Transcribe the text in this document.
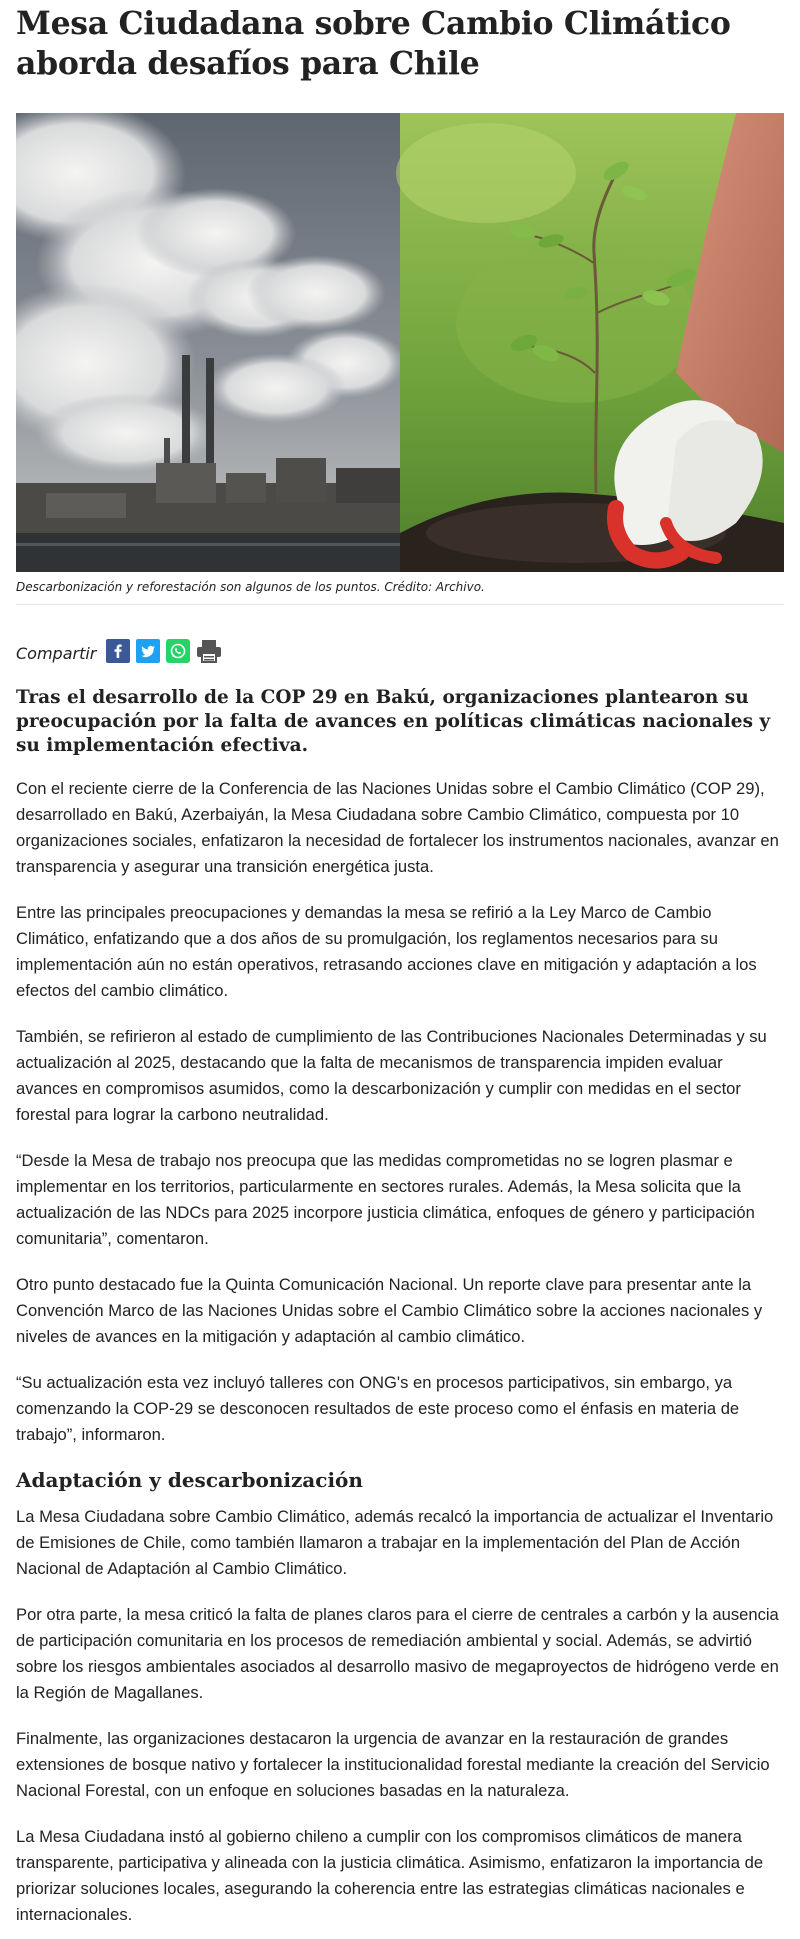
Mesa Ciudadana sobre Cambio Climático aborda desafíos para Chile

Descarbonización y reforestación son algunos de los puntos. Crédito: Archivo.

Compartir

Tras el desarrollo de la COP 29 en Bakú, organizaciones plantearon su preocupación por la falta de avances en políticas climáticas nacionales y su implementación efectiva.

Con el reciente cierre de la Conferencia de las Naciones Unidas sobre el Cambio Climático (COP 29), desarrollado en Bakú, Azerbaiyán, la Mesa Ciudadana sobre Cambio Climático, compuesta por 10 organizaciones sociales, enfatizaron la necesidad de fortalecer los instrumentos nacionales, avanzar en transparencia y asegurar una transición energética justa.

Entre las principales preocupaciones y demandas la mesa se refirió a la Ley Marco de Cambio Climático, enfatizando que a dos años de su promulgación, los reglamentos necesarios para su implementación aún no están operativos, retrasando acciones clave en mitigación y adaptación a los efectos del cambio climático.

También, se refirieron al estado de cumplimiento de las Contribuciones Nacionales Determinadas y su actualización al 2025, destacando que la falta de mecanismos de transparencia impiden evaluar avances en compromisos asumidos, como la descarbonización y cumplir con medidas en el sector forestal para lograr la carbono neutralidad.

“Desde la Mesa de trabajo nos preocupa que las medidas comprometidas no se logren plasmar e implementar en los territorios, particularmente en sectores rurales. Además, la Mesa solicita que la actualización de las NDCs para 2025 incorpore justicia climática, enfoques de género y participación comunitaria”, comentaron.

Otro punto destacado fue la Quinta Comunicación Nacional. Un reporte clave para presentar ante la Convención Marco de las Naciones Unidas sobre el Cambio Climático sobre la acciones nacionales y niveles de avances en la mitigación y adaptación al cambio climático.

“Su actualización esta vez incluyó talleres con ONG's en procesos participativos, sin embargo, ya comenzando la COP-29 se desconocen resultados de este proceso como el énfasis en materia de trabajo”, informaron.

Adaptación y descarbonización

La Mesa Ciudadana sobre Cambio Climático, además recalcó la importancia de actualizar el Inventario de Emisiones de Chile, como también llamaron a trabajar en la implementación del Plan de Acción Nacional de Adaptación al Cambio Climático.

Por otra parte, la mesa criticó la falta de planes claros para el cierre de centrales a carbón y la ausencia de participación comunitaria en los procesos de remediación ambiental y social. Además, se advirtió sobre los riesgos ambientales asociados al desarrollo masivo de megaproyectos de hidrógeno verde en la Región de Magallanes.

Finalmente, las organizaciones destacaron la urgencia de avanzar en la restauración de grandes extensiones de bosque nativo y fortalecer la institucionalidad forestal mediante la creación del Servicio Nacional Forestal, con un enfoque en soluciones basadas en la naturaleza.

La Mesa Ciudadana instó al gobierno chileno a cumplir con los compromisos climáticos de manera transparente, participativa y alineada con la justicia climática. Asimismo, enfatizaron la importancia de priorizar soluciones locales, asegurando la coherencia entre las estrategias climáticas nacionales e internacionales.
